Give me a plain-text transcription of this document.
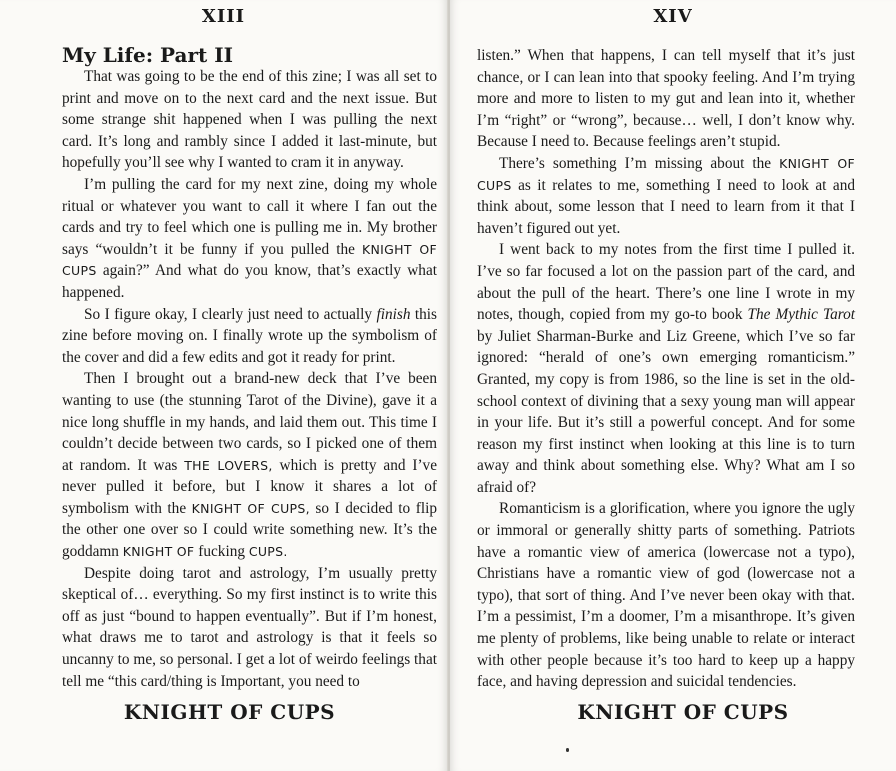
XIII
My Life: Part II

That was going to be the end of this zine; I was all set to print and move on to the next card and the next issue. But some strange shit happened when I was pulling the next card. It’s long and rambly since I added it last-minute, but hopefully you’ll see why I wanted to cram it in anyway.

I’m pulling the card for my next zine, doing my whole ritual or whatever you want to call it where I fan out the cards and try to feel which one is pulling me in. My brother says “wouldn’t it be funny if you pulled the KNIGHT OF CUPS again?” And what do you know, that’s exactly what happened.

So I figure okay, I clearly just need to actually finish this zine before moving on. I finally wrote up the symbolism of the cover and did a few edits and got it ready for print.

Then I brought out a brand-new deck that I’ve been wanting to use (the stunning Tarot of the Divine), gave it a nice long shuffle in my hands, and laid them out. This time I couldn’t decide between two cards, so I picked one of them at random. It was THE LOVERS, which is pretty and I’ve never pulled it before, but I know it shares a lot of symbolism with the KNIGHT OF CUPS, so I decided to flip the other one over so I could write something new. It’s the goddamn KNIGHT OF fucking CUPS.

Despite doing tarot and astrology, I’m usually pretty skeptical of… everything. So my first instinct is to write this off as just “bound to happen eventually”. But if I’m honest, what draws me to tarot and astrology is that it feels so uncanny to me, so personal. I get a lot of weirdo feelings that tell me “this card/thing is Important, you need to

KNIGHT OF CUPS
XIV
KNIGHT OF CUPS

listen.” When that happens, I can tell myself that it’s just chance, or I can lean into that spooky feeling. And I’m trying more and more to listen to my gut and lean into it, whether I’m “right” or “wrong”, because… well, I don’t know why. Because I need to. Because feelings aren’t stupid.

There’s something I’m missing about the KNIGHT OF CUPS as it relates to me, something I need to look at and think about, some lesson that I need to learn from it that I haven’t figured out yet.

I went back to my notes from the first time I pulled it. I’ve so far focused a lot on the passion part of the card, and about the pull of the heart. There’s one line I wrote in my notes, though, copied from my go-to book The Mythic Tarot by Juliet Sharman-Burke and Liz Greene, which I’ve so far ignored: “herald of one’s own emerging romanticism.” Granted, my copy is from 1986, so the line is set in the old-school context of divining that a sexy young man will appear in your life. But it’s still a powerful concept. And for some reason my first instinct when looking at this line is to turn away and think about something else. Why? What am I so afraid of?

Romanticism is a glorification, where you ignore the ugly or immoral or generally shitty parts of something. Patriots have a romantic view of america (lowercase not a typo), Christians have a romantic view of god (lowercase not a typo), that sort of thing. And I’ve never been okay with that. I’m a pessimist, I’m a doomer, I’m a misanthrope. It’s given me plenty of problems, like being unable to relate or interact with other people because it’s too hard to keep up a happy face, and having depression and suicidal tendencies.
